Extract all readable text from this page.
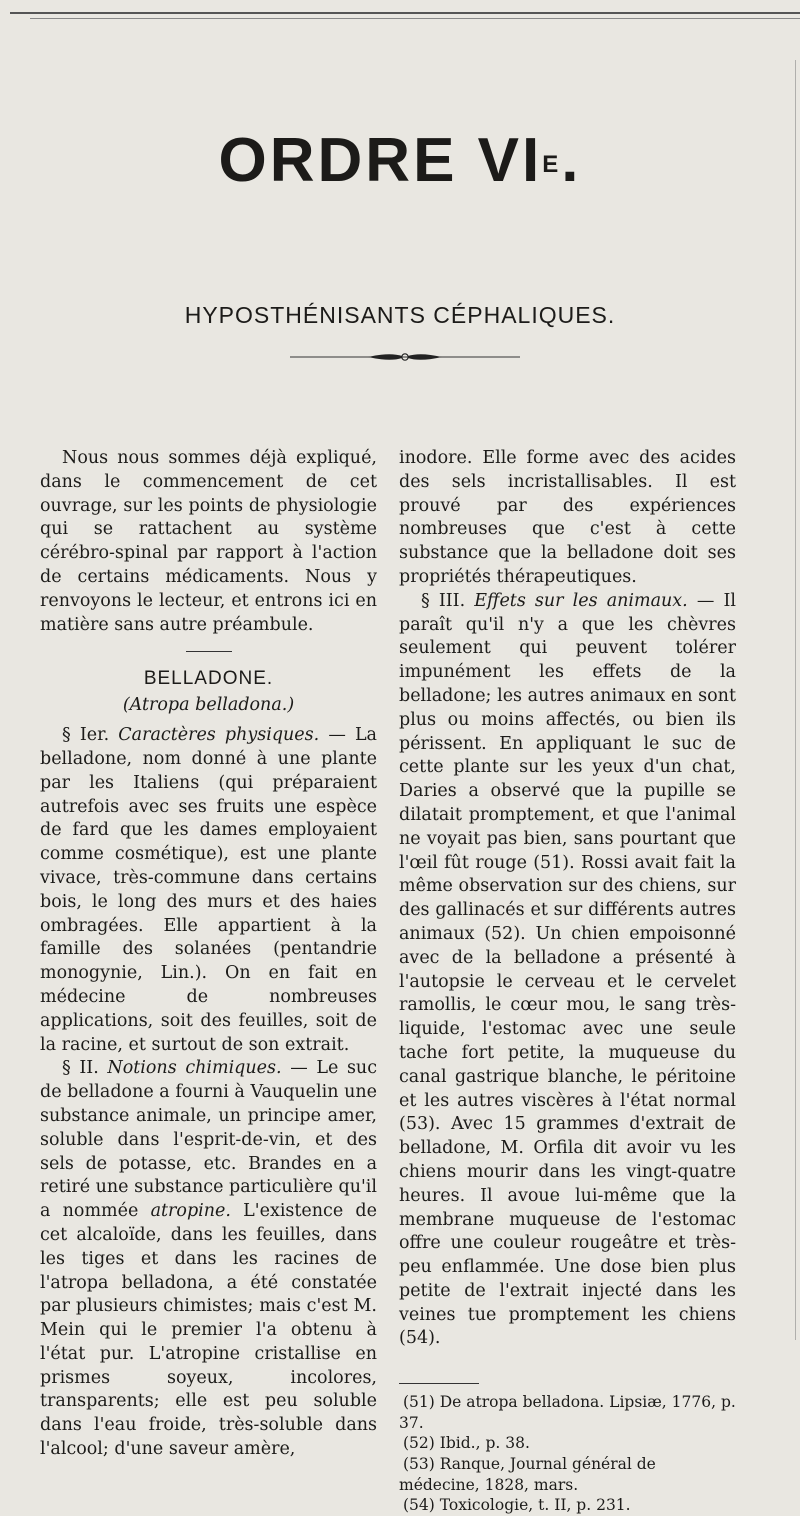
ORDRE $VI^E$.
HYPOSTHÉNISANTS CÉPHALIQUES.

Nous nous sommes déjà expliqué, dans le commencement de cet ouvrage, sur les points de physiologie qui se rattachent au système cérébro-spinal par rapport à l'action de certains médicaments. Nous y renvoyons le lecteur, et entrons ici en matière sans autre préambule.

BELLADONE.
(Atropa belladona.)

§ Ier. Caractères physiques. — La belladone, nom donné à une plante par les Italiens (qui préparaient autrefois avec ses fruits une espèce de fard que les dames employaient comme cosmétique), est une plante vivace, très-commune dans certains bois, le long des murs et des haies ombragées. Elle appartient à la famille des solanées (pentandrie monogynie, Lin.). On en fait en médecine de nombreuses applications, soit des feuilles, soit de la racine, et surtout de son extrait.

§ II. Notions chimiques. — Le suc de belladone a fourni à Vauquelin une substance animale, un principe amer, soluble dans l'esprit-de-vin, et des sels de potasse, etc. Brandes en a retiré une substance particulière qu'il a nommée atropine. L'existence de cet alcaloïde, dans les feuilles, dans les tiges et dans les racines de l'atropa belladona, a été constatée par plusieurs chimistes; mais c'est M. Mein qui le premier l'a obtenu à l'état pur. L'atropine cristallise en prismes soyeux, incolores, transparents; elle est peu soluble dans l'eau froide, très-soluble dans l'alcool; d'une saveur amère,

inodore. Elle forme avec des acides des sels incristallisables. Il est prouvé par des expériences nombreuses que c'est à cette substance que la belladone doit ses propriétés thérapeutiques.

§ III. Effets sur les animaux. — Il paraît qu'il n'y a que les chèvres seulement qui peuvent tolérer impunément les effets de la belladone; les autres animaux en sont plus ou moins affectés, ou bien ils périssent. En appliquant le suc de cette plante sur les yeux d'un chat, Daries a observé que la pupille se dilatait promptement, et que l'animal ne voyait pas bien, sans pourtant que l'œil fût rouge (51). Rossi avait fait la même observation sur des chiens, sur des gallinacés et sur différents autres animaux (52). Un chien empoisonné avec de la belladone a présenté à l'autopsie le cerveau et le cervelet ramollis, le cœur mou, le sang très-liquide, l'estomac avec une seule tache fort petite, la muqueuse du canal gastrique blanche, le péritoine et les autres viscères à l'état normal (53). Avec 15 grammes d'extrait de belladone, M. Orfila dit avoir vu les chiens mourir dans les vingt-quatre heures. Il avoue lui-même que la membrane muqueuse de l'estomac offre une couleur rougeâtre et très-peu enflammée. Une dose bien plus petite de l'extrait injecté dans les veines tue promptement les chiens (54).

(51) De atropa belladona. Lipsiæ, 1776, p. 37.
(52) Ibid., p. 38.
(53) Ranque, Journal général de médecine, 1828, mars.
(54) Toxicologie, t. II, p. 231.
